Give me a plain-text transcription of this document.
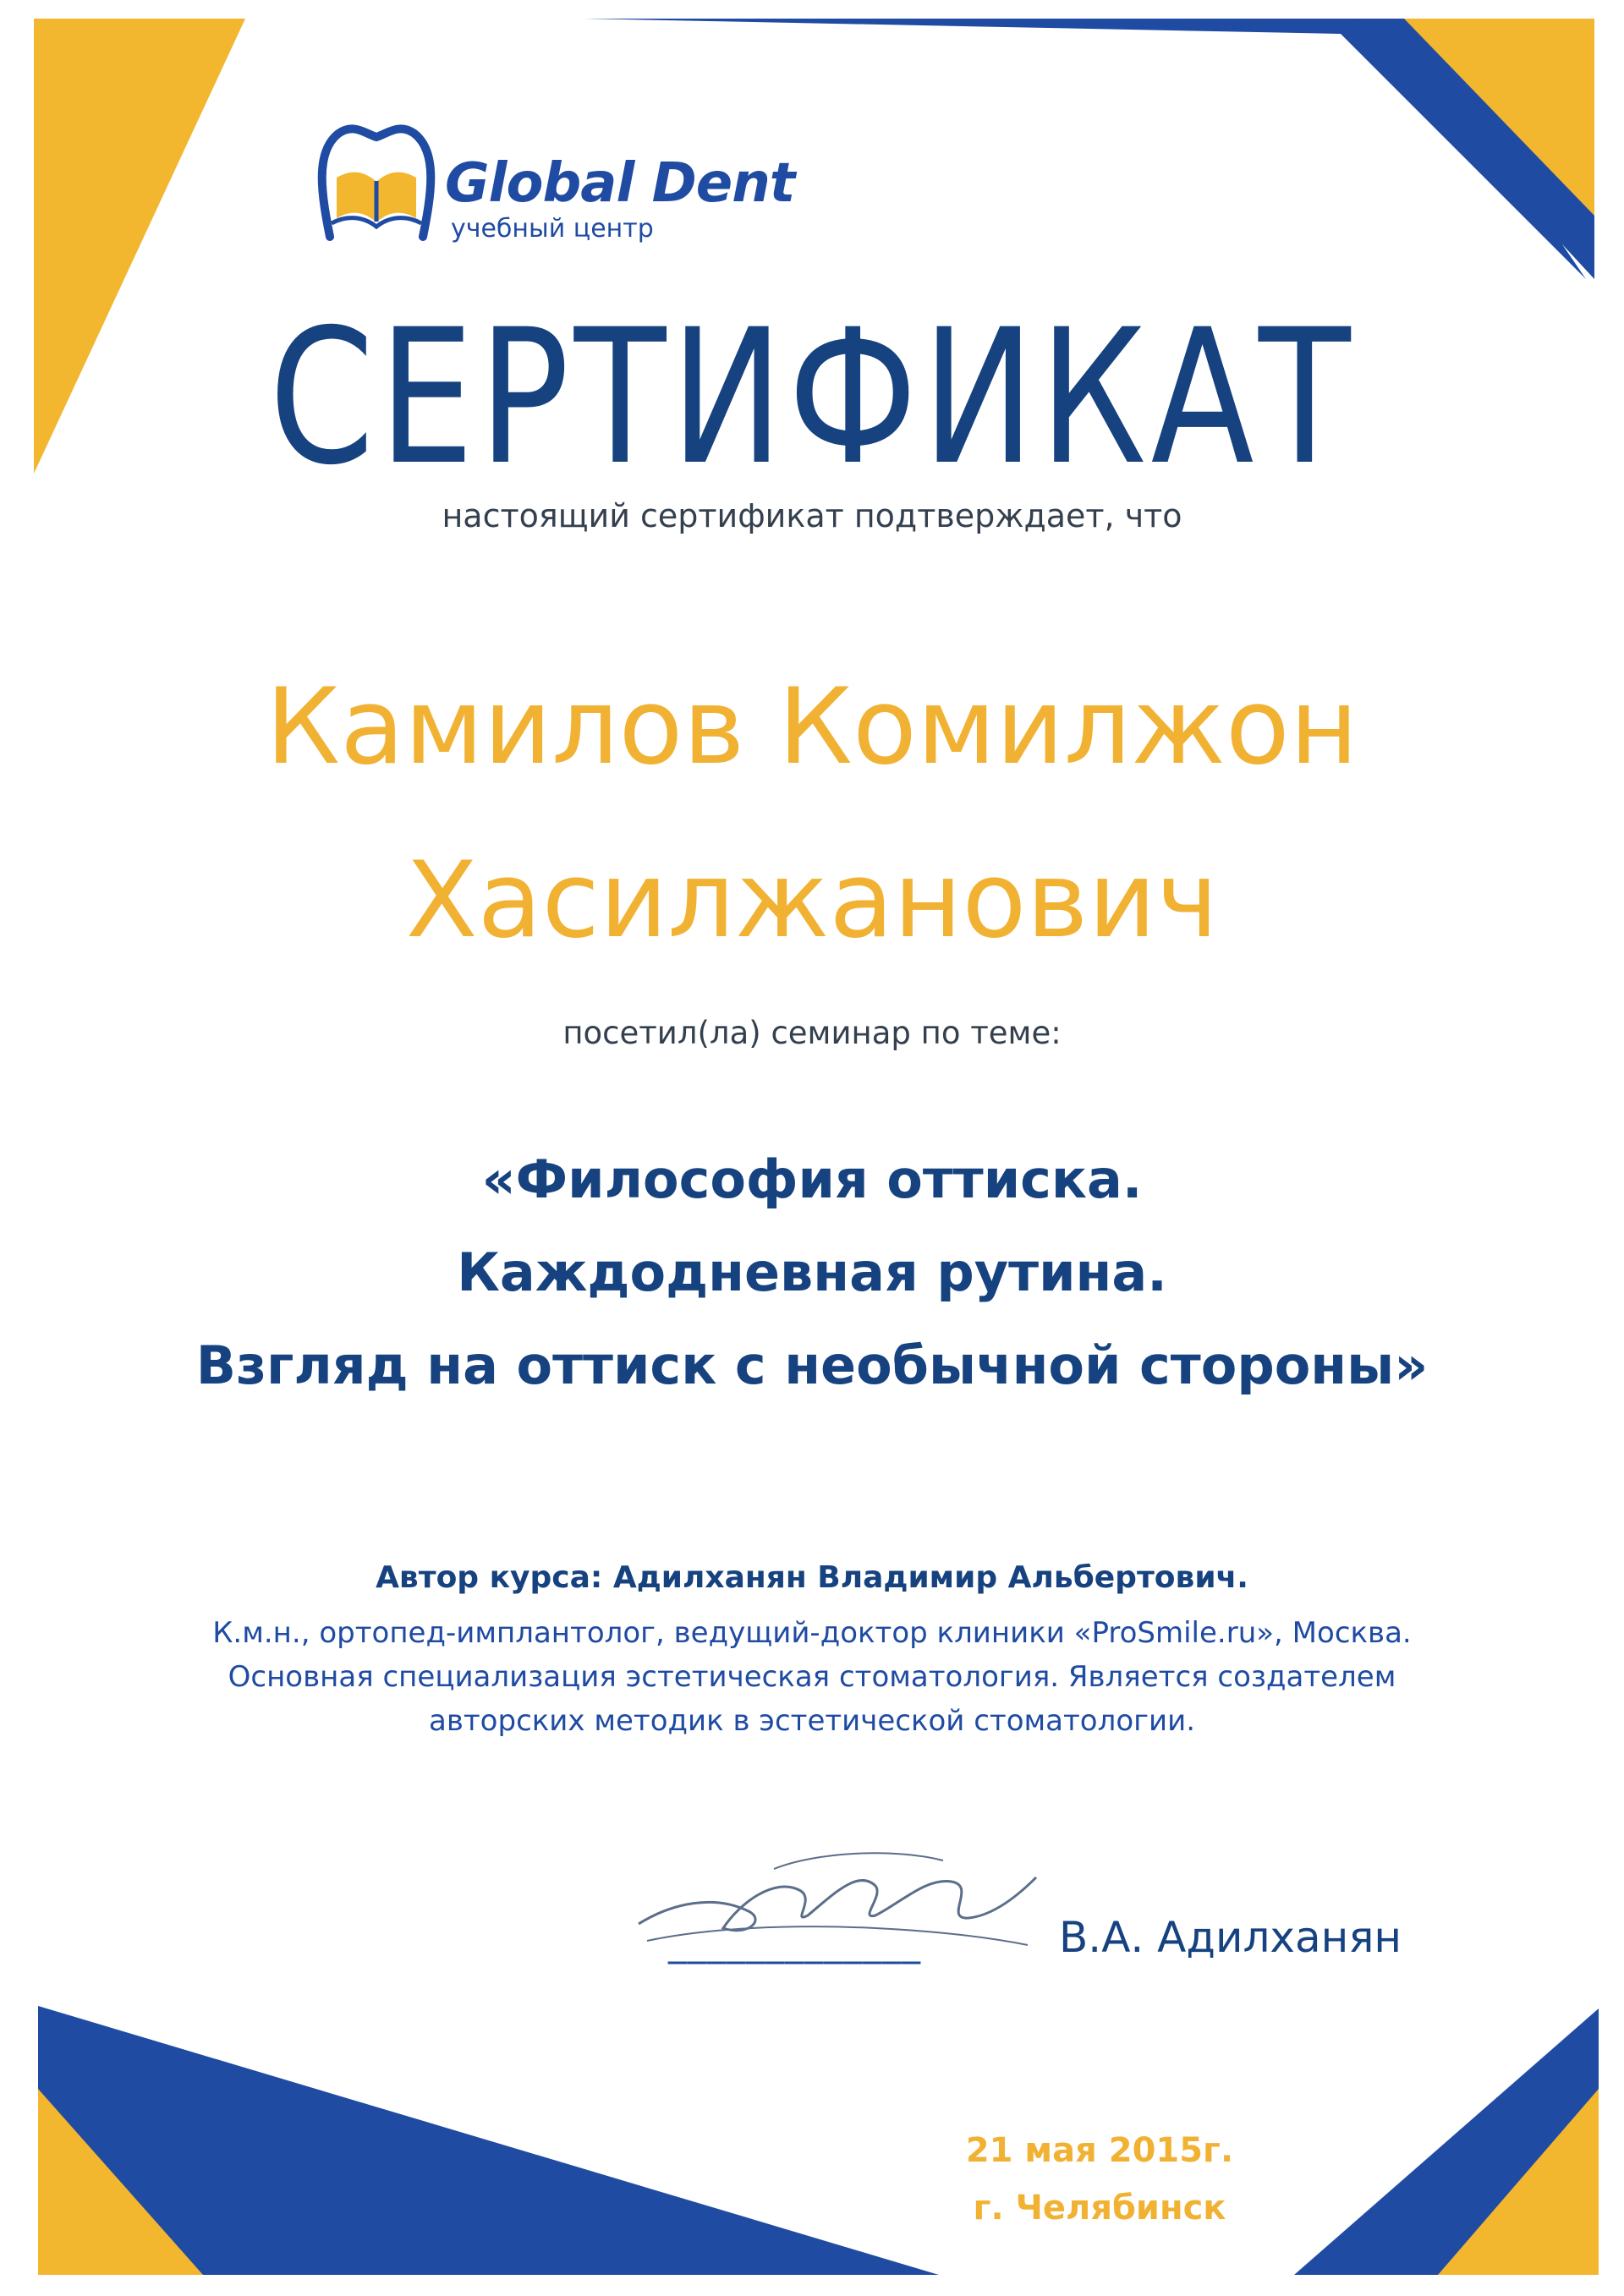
Global Dent
учебный центр
СЕРТИФИКАТ
настоящий сертификат подтверждает, что
Камилов Комилжон
Хасилжанович
посетил(ла) семинар по теме:
«Философия оттиска.
Каждодневная рутина.
Взгляд на оттиск с необычной стороны»
Автор курса: Адилханян Владимир Альбертович.
К.м.н., ортопед-имплантолог, ведущий-доктор клиники «ProSmile.ru», Москва.
Основная специализация эстетическая стоматология. Является создателем
авторских методик в эстетической стоматологии.
_____________	В.А. Адилханян
21 мая 2015г.
г. Челябинск
